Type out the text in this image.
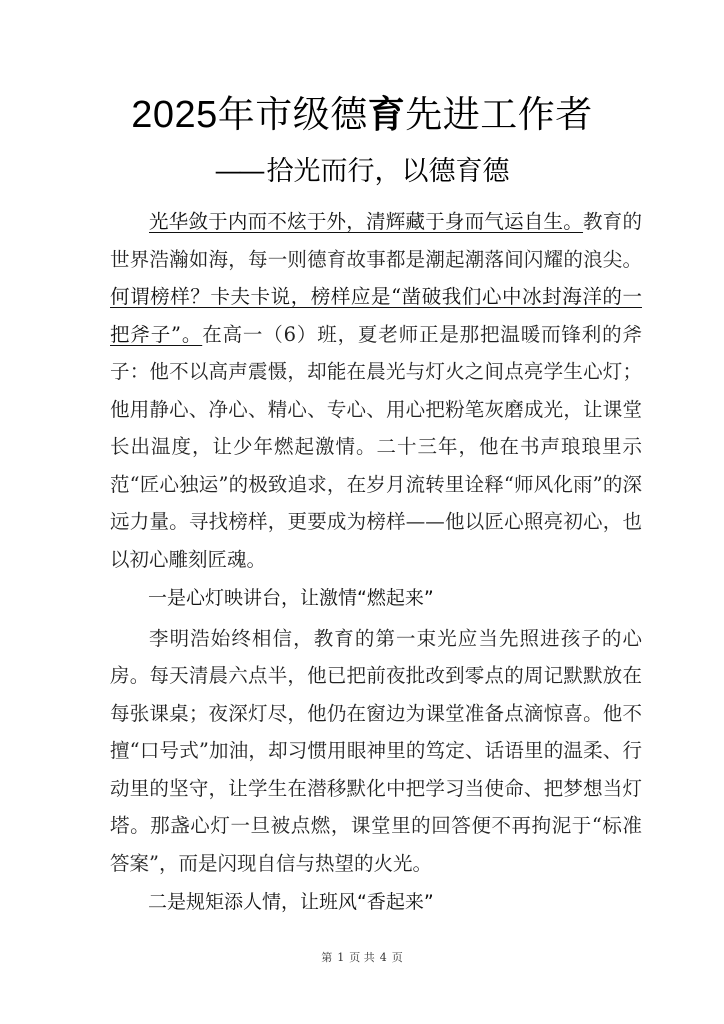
2025年市级德育先进工作者
—— 拾光而行，以德育德

光华敛于内而不炫于外，清辉藏于身而气运自生。教育的世界浩瀚如海，每一则德育故事都是潮起潮落间闪耀的浪尖。何谓榜样？卡夫卡说，榜样应是“凿破我们心中冰封海洋的一把斧子”。在高一（6）班，夏老师正是那把温暖而锋利的斧子：他不以高声震慑，却能在晨光与灯火之间点亮学生心灯；他用静心、净心、精心、专心、用心把粉笔灰磨成光，让课堂长出温度，让少年燃起激情。二十三年，他在书声琅琅里示范“匠心独运”的极致追求，在岁月流转里诠释“师风化雨”的深远力量。寻找榜样，更要成为榜样——他以匠心照亮初心，也以初心雕刻匠魂。

一是心灯映讲台，让激情“燃起来”

李明浩始终相信，教育的第一束光应当先照进孩子的心房。每天清晨六点半，他已把前夜批改到零点的周记默默放在每张课桌；夜深灯尽，他仍在窗边为课堂准备点滴惊喜。他不擅“口号式”加油，却习惯用眼神里的笃定、话语里的温柔、行动里的坚守，让学生在潜移默化中把学习当使命、把梦想当灯塔。那盏心灯一旦被点燃，课堂里的回答便不再拘泥于“标准答案”，而是闪现自信与热望的火光。

二是规矩添人情，让班风“香起来”

第 1 页 共 4 页
